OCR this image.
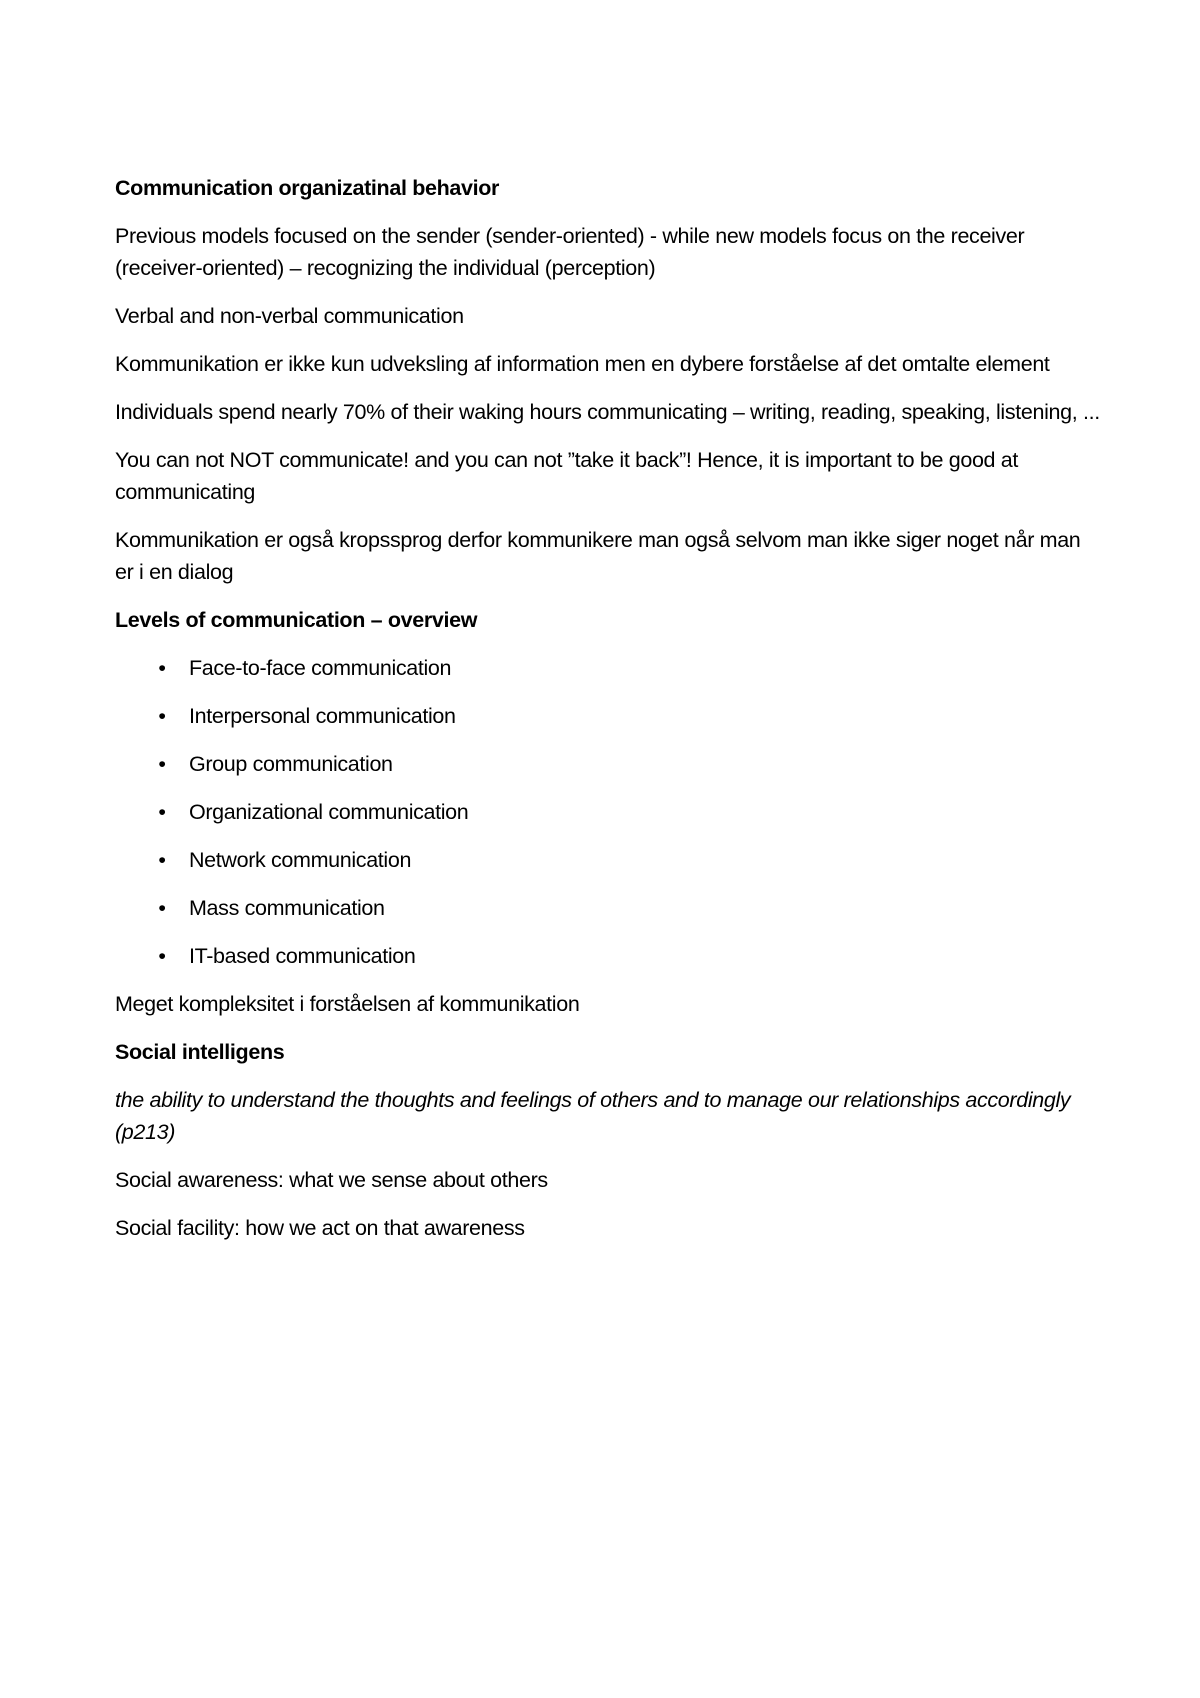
Communication organizatinal behavior

Previous models focused on the sender (sender-oriented) - while new models focus on the receiver (receiver-oriented) – recognizing the individual (perception)

Verbal and non-verbal communication

Kommunikation er ikke kun udveksling af information men en dybere forståelse af det omtalte element

Individuals spend nearly 70% of their waking hours communicating – writing, reading, speaking, listening, ...

You can not NOT communicate! and you can not ”take it back”! Hence, it is important to be good at communicating

Kommunikation er også kropssprog derfor kommunikere man også selvom man ikke siger noget når man er i en dialog

Levels of communication – overview

• Face-to-face communication
• Interpersonal communication
• Group communication
• Organizational communication
• Network communication
• Mass communication
• IT-based communication

Meget kompleksitet i forståelsen af kommunikation

Social intelligens

the ability to understand the thoughts and feelings of others and to manage our relationships accordingly (p213)

Social awareness: what we sense about others

Social facility: how we act on that awareness
